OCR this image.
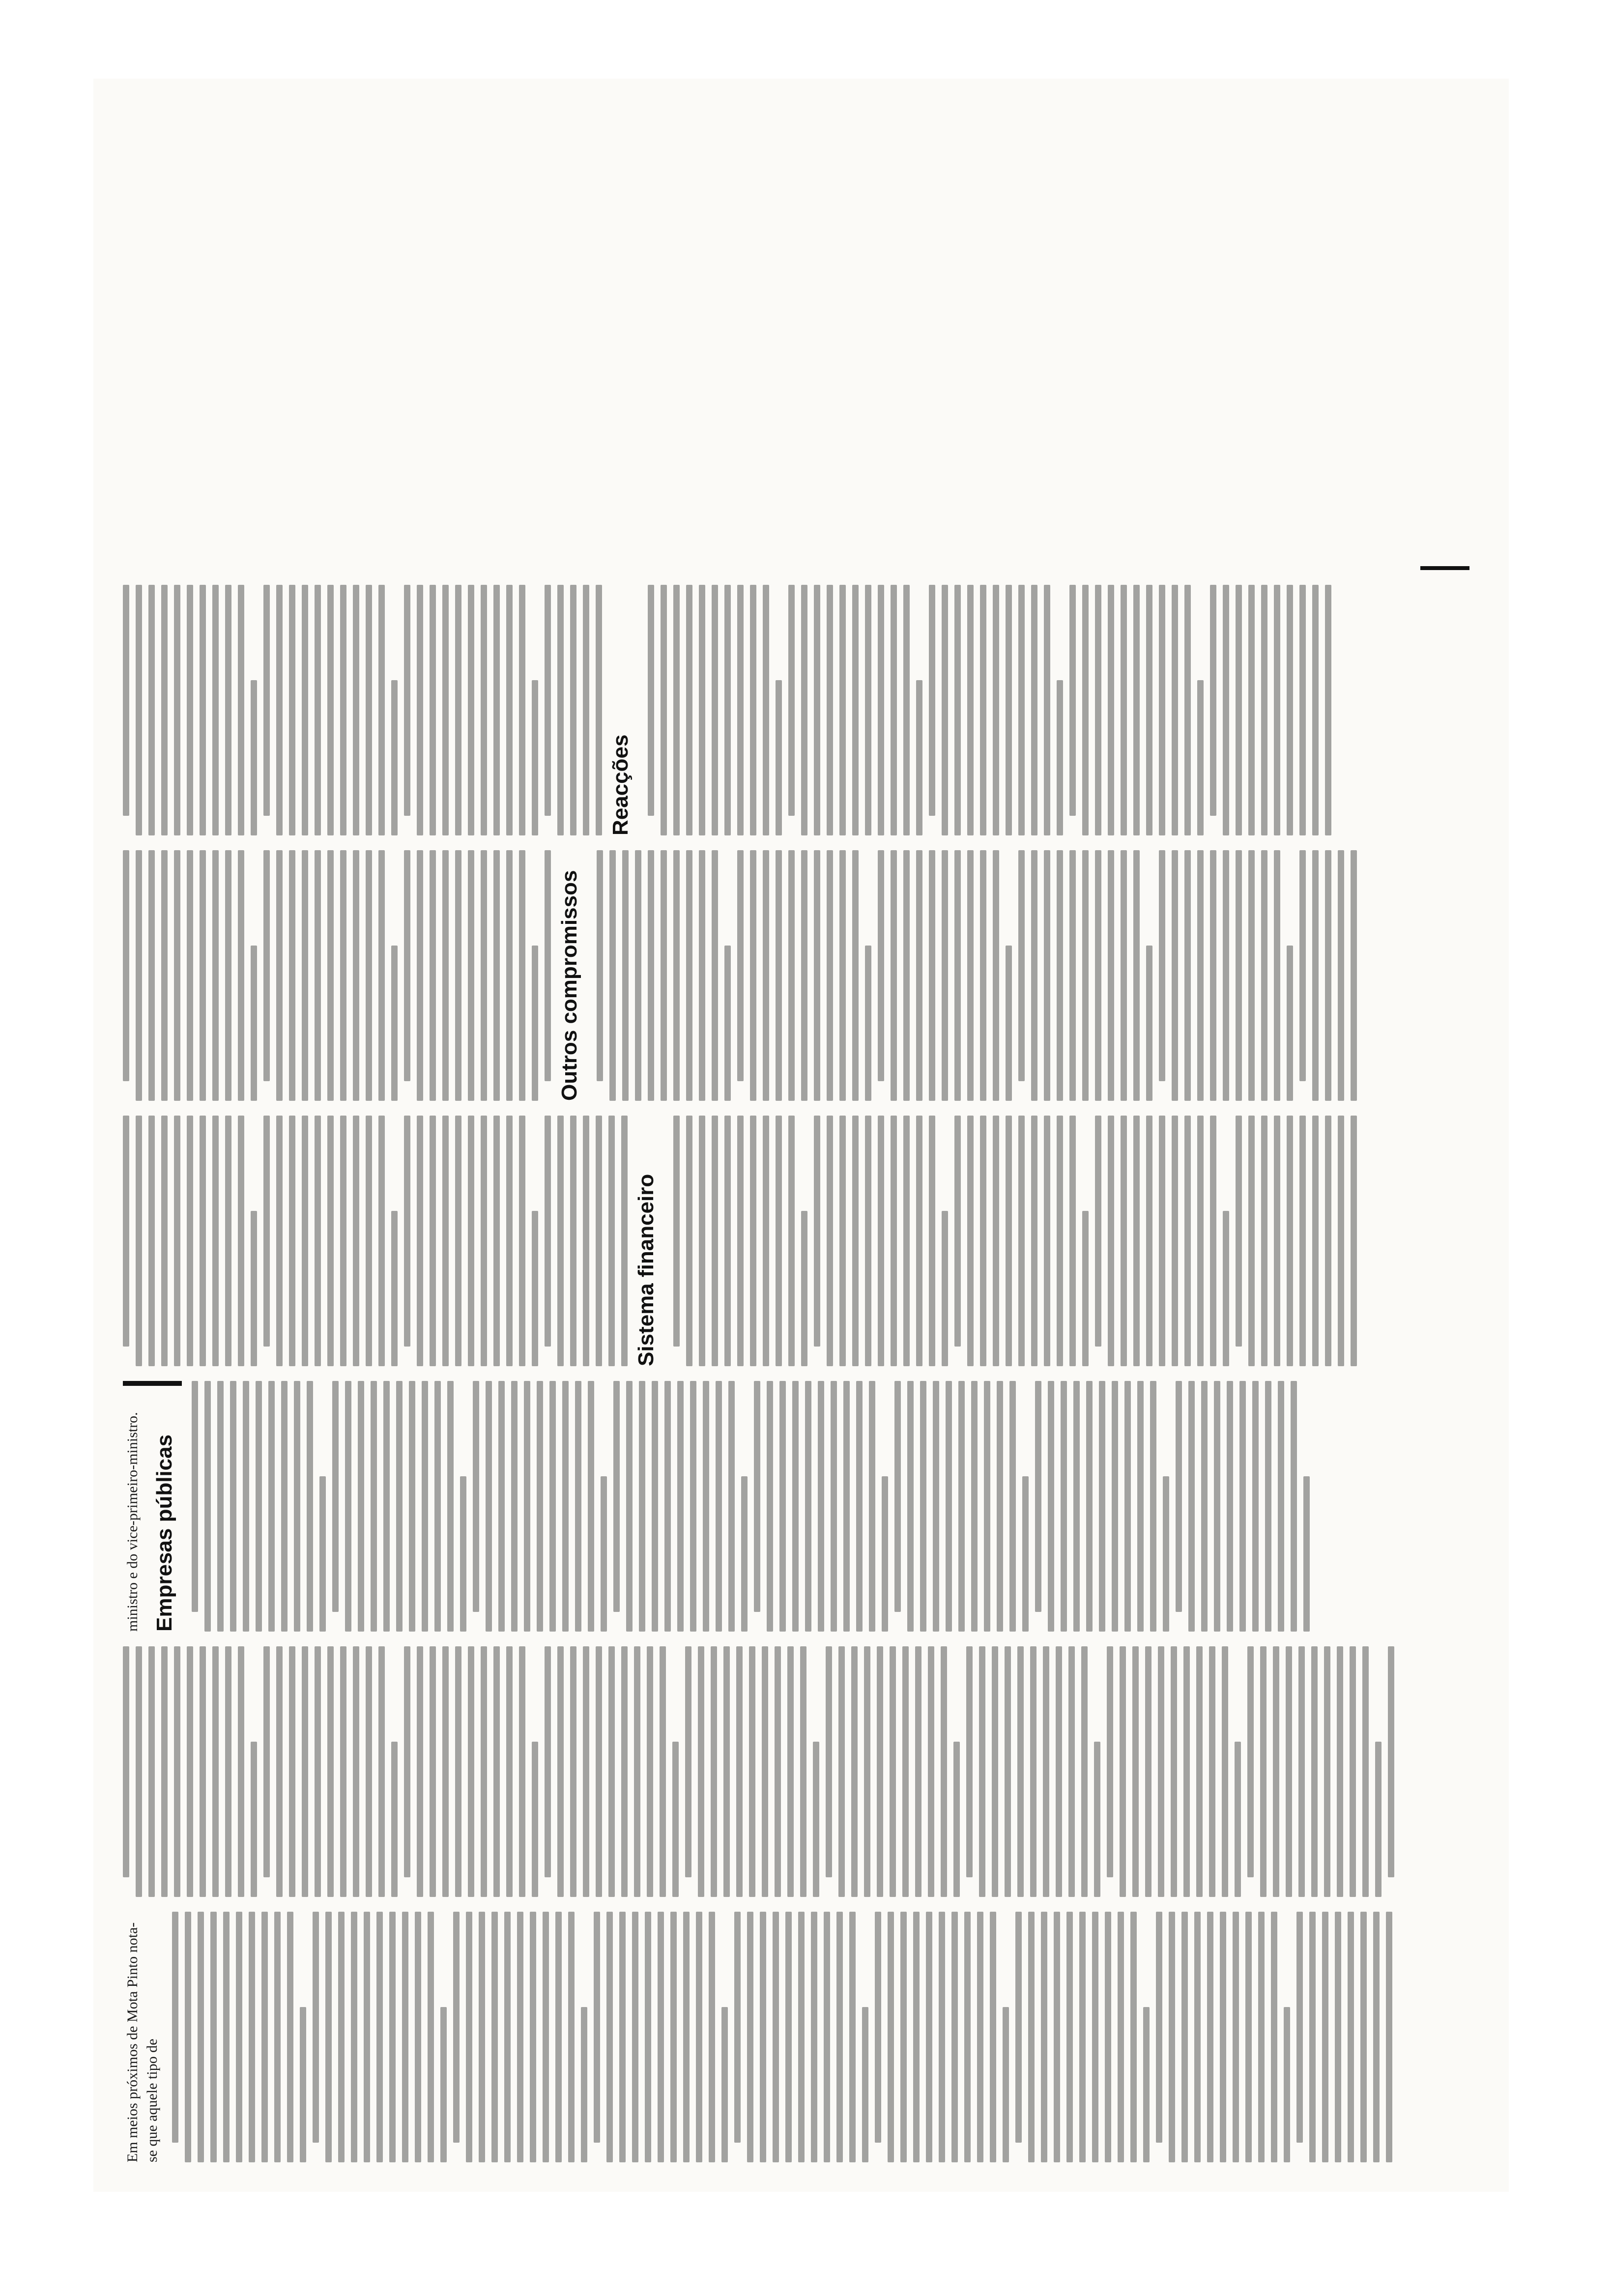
Em meios próximos de Mota Pinto nota-se que aquele tipo de

ministro e do vice-primeiro-ministro. Empresas públicas
Sistema financeiro
Outros compromissos
Reacções
